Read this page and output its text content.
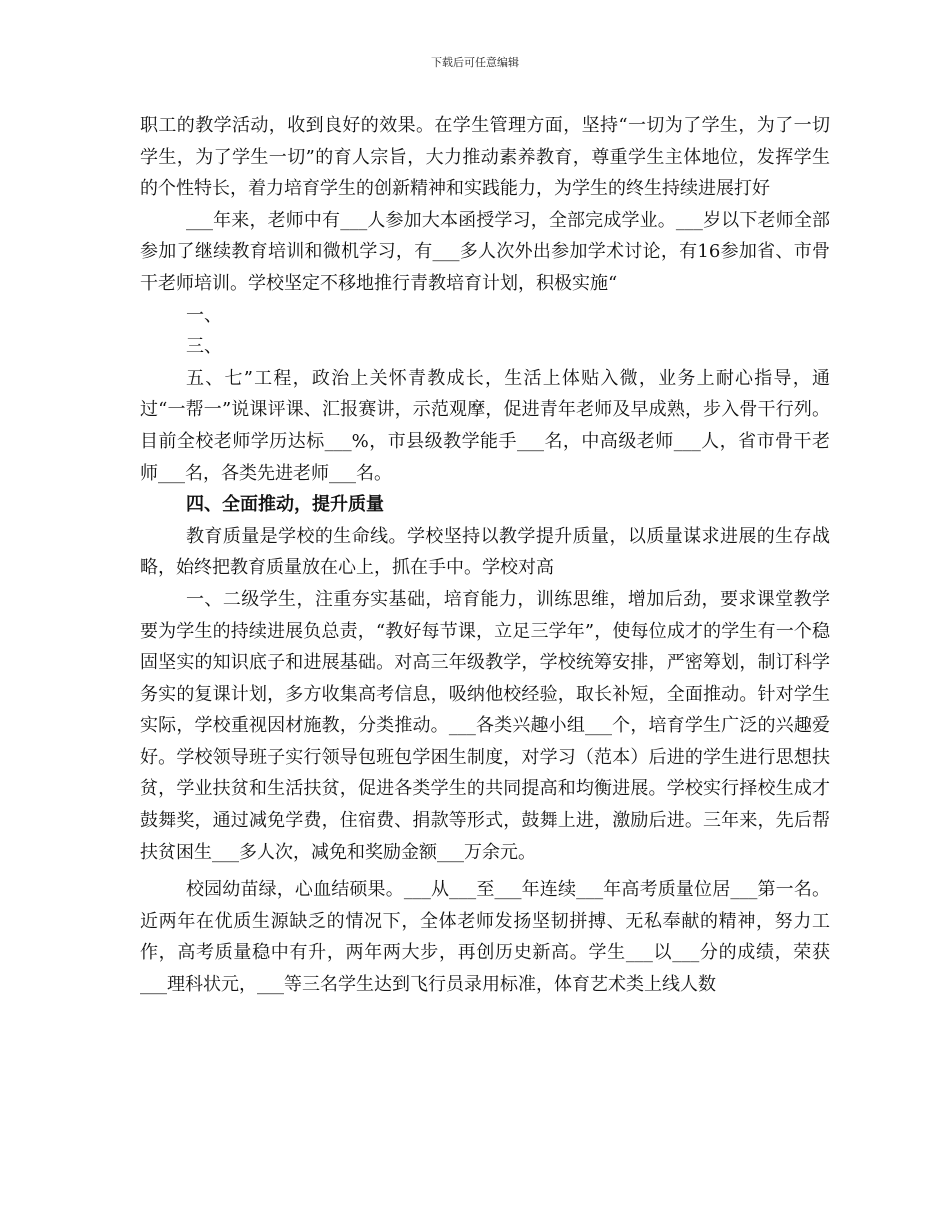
下载后可任意编辑

职工的教学活动，收到良好的效果。在学生管理方面，坚持“一切为了学生，为了一切学生，为了学生一切”的育人宗旨，大力推动素养教育，尊重学生主体地位，发挥学生的个性特长，着力培育学生的创新精神和实践能力，为学生的终生持续进展打好

___年来，老师中有___人参加大本函授学习，全部完成学业。___岁以下老师全部参加了继续教育培训和微机学习，有___多人次外出参加学术讨论，有16参加省、市骨干老师培训。学校坚定不移地推行青教培育计划，积极实施“

一、

三、

五、七”工程，政治上关怀青教成长，生活上体贴入微，业务上耐心指导，通过“一帮一”说课评课、汇报赛讲，示范观摩，促进青年老师及早成熟，步入骨干行列。目前全校老师学历达标___%，市县级教学能手___名，中高级老师___人，省市骨干老师___名，各类先进老师___名。

四、全面推动，提升质量

教育质量是学校的生命线。学校坚持以教学提升质量，以质量谋求进展的生存战略，始终把教育质量放在心上，抓在手中。学校对高

一、二级学生，注重夯实基础，培育能力，训练思维，增加后劲，要求课堂教学要为学生的持续进展负总责，“教好每节课，立足三学年”，使每位成才的学生有一个稳固坚实的知识底子和进展基础。对高三年级教学，学校统筹安排，严密筹划，制订科学务实的复课计划，多方收集高考信息，吸纳他校经验，取长补短，全面推动。针对学生实际，学校重视因材施教，分类推动。___各类兴趣小组___个，培育学生广泛的兴趣爱好。学校领导班子实行领导包班包学困生制度，对学习（范本）后进的学生进行思想扶贫，学业扶贫和生活扶贫，促进各类学生的共同提高和均衡进展。学校实行择校生成才鼓舞奖，通过减免学费，住宿费、捐款等形式，鼓舞上进，激励后进。三年来，先后帮扶贫困生___多人次，减免和奖励金额___万余元。

校园幼苗绿，心血结硕果。___从___至___年连续___年高考质量位居___第一名。近两年在优质生源缺乏的情况下，全体老师发扬坚韧拼搏、无私奉献的精神，努力工作，高考质量稳中有升，两年两大步，再创历史新高。学生___以___分的成绩，荣获___理科状元，___等三名学生达到飞行员录用标准，体育艺术类上线人数
